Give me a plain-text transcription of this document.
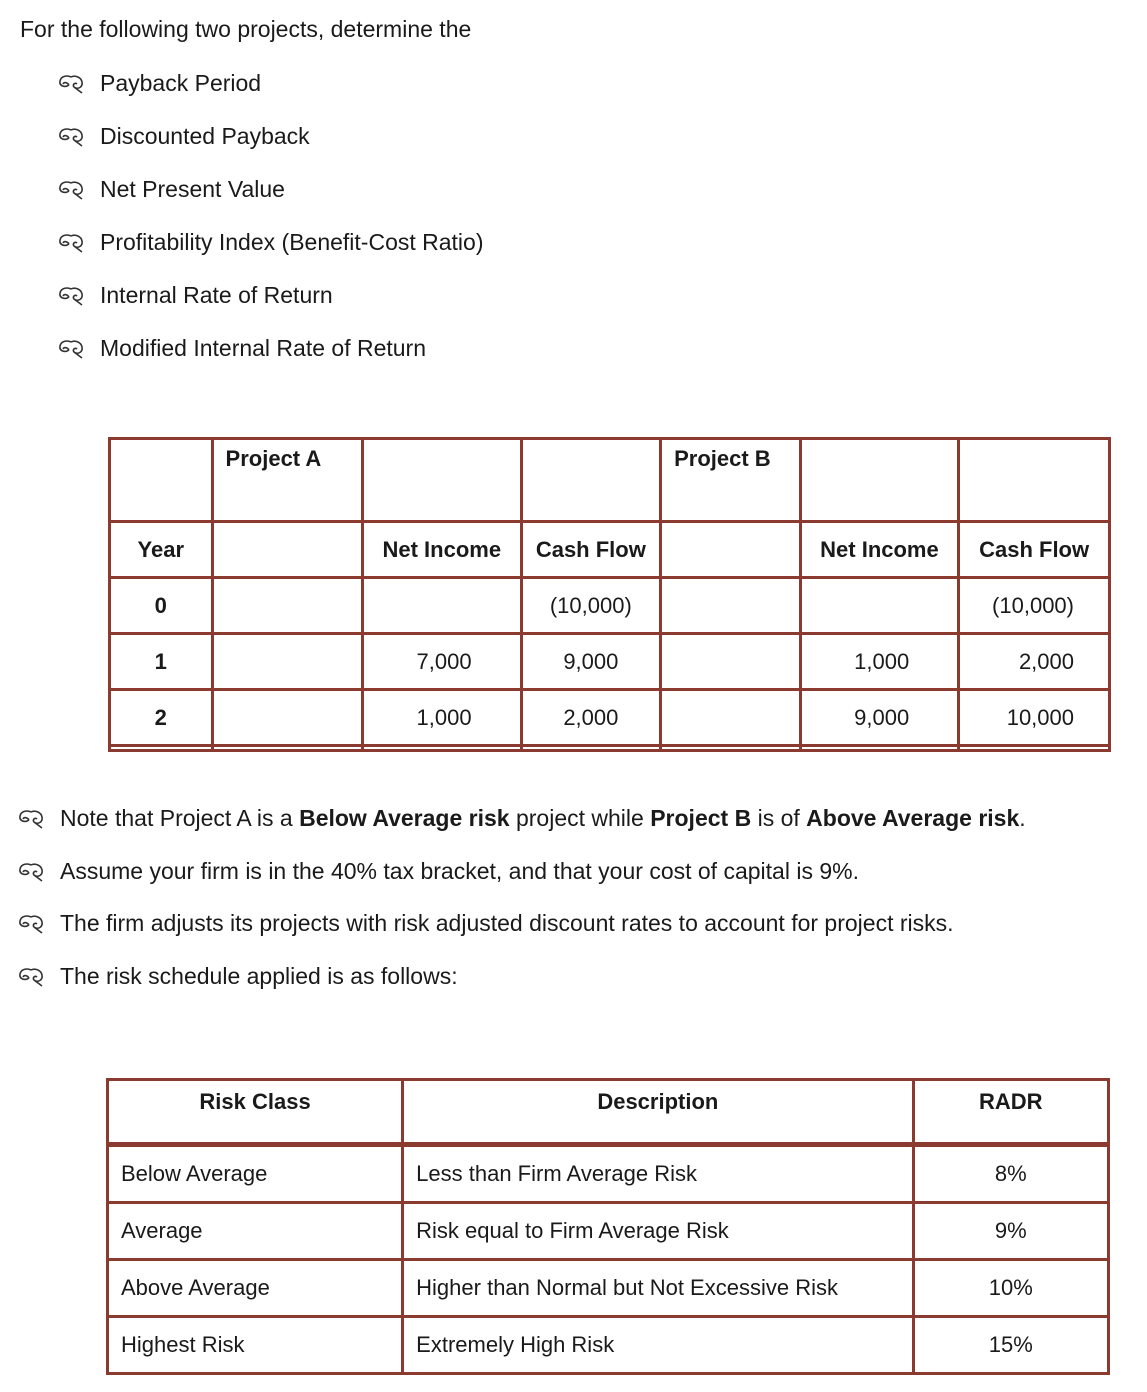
For the following two projects, determine the
Payback Period
Discounted Payback
Net Present Value
Profitability Index (Benefit-Cost Ratio)
Internal Rate of Return
Modified Internal Rate of Return
	Project A			Project B		
Year		Net Income	Cash Flow		Net Income	Cash Flow
0			(10,000)			(10,000)
1		7,000	9,000		1,000	2,000
2		1,000	2,000		9,000	10,000

Note that Project A is a Below Average risk project while Project B is of Above Average risk.
Assume your firm is in the 40% tax bracket, and that your cost of capital is 9%.
The firm adjusts its projects with risk adjusted discount rates to account for project risks.
The risk schedule applied is as follows:
Risk Class	Description	RADR
Below Average	Less than Firm Average Risk	8%
Average	Risk equal to Firm Average Risk	9%
Above Average	Higher than Normal but Not Excessive Risk	10%
Highest Risk	Extremely High Risk	15%
